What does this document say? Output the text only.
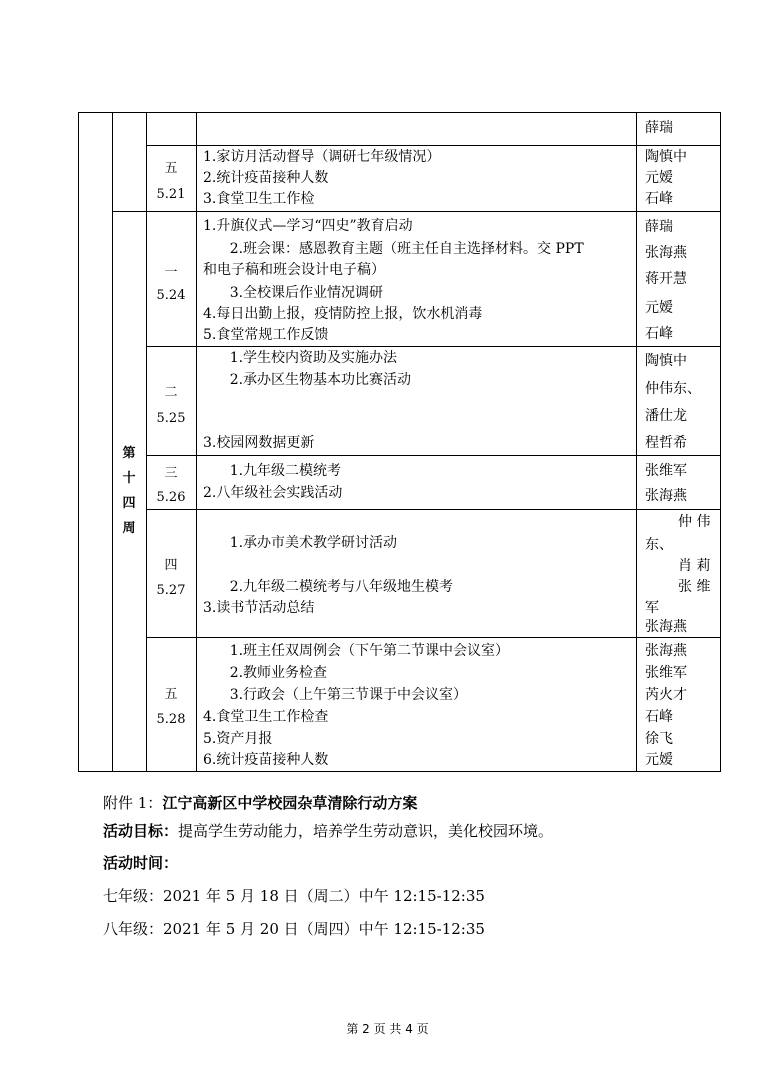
薛瑞
五
5.21
1.家访月活动督导（调研七年级情况）
2.统计疫苗接种人数
3.食堂卫生工作检
陶慎中
元嫒
石峰
第
十
四
周
一
5.24
1.升旗仪式—学习“四史”教育启动
2.班会课：感恩教育主题（班主任自主选择材料。交 PPT
和电子稿和班会设计电子稿）
3.全校课后作业情况调研
4.每日出勤上报，疫情防控上报，饮水机消毒
5.食堂常规工作反馈
薛瑞
张海燕
蒋开慧
元嫒
石峰
二
5.25
1.学生校内资助及实施办法
2.承办区生物基本功比赛活动
3.校园网数据更新
陶慎中
仲伟东、
潘仕龙
程哲希
三
5.26
1.九年级二模统考
2.八年级社会实践活动
张维军
张海燕
四
5.27
1.承办市美术教学研讨活动
2.九年级二模统考与八年级地生模考
3.读书节活动总结
仲 伟
东、
肖 莉
张 维
军
张海燕
五
5.28
1.班主任双周例会（下午第二节课中会议室）
2.教师业务检查
3.行政会（上午第三节课于中会议室）
4.食堂卫生工作检查
5.资产月报
6.统计疫苗接种人数
张海燕
张维军
芮火才
石峰
徐飞
元嫒
附件 1：江宁高新区中学校园杂草清除行动方案
活动目标：提高学生劳动能力，培养学生劳动意识，美化校园环境。
活动时间：
七年级：2021 年 5 月 18 日（周二）中午 12:15-12:35
八年级：2021 年 5 月 20 日（周四）中午 12:15-12:35
第 2 页 共 4 页
